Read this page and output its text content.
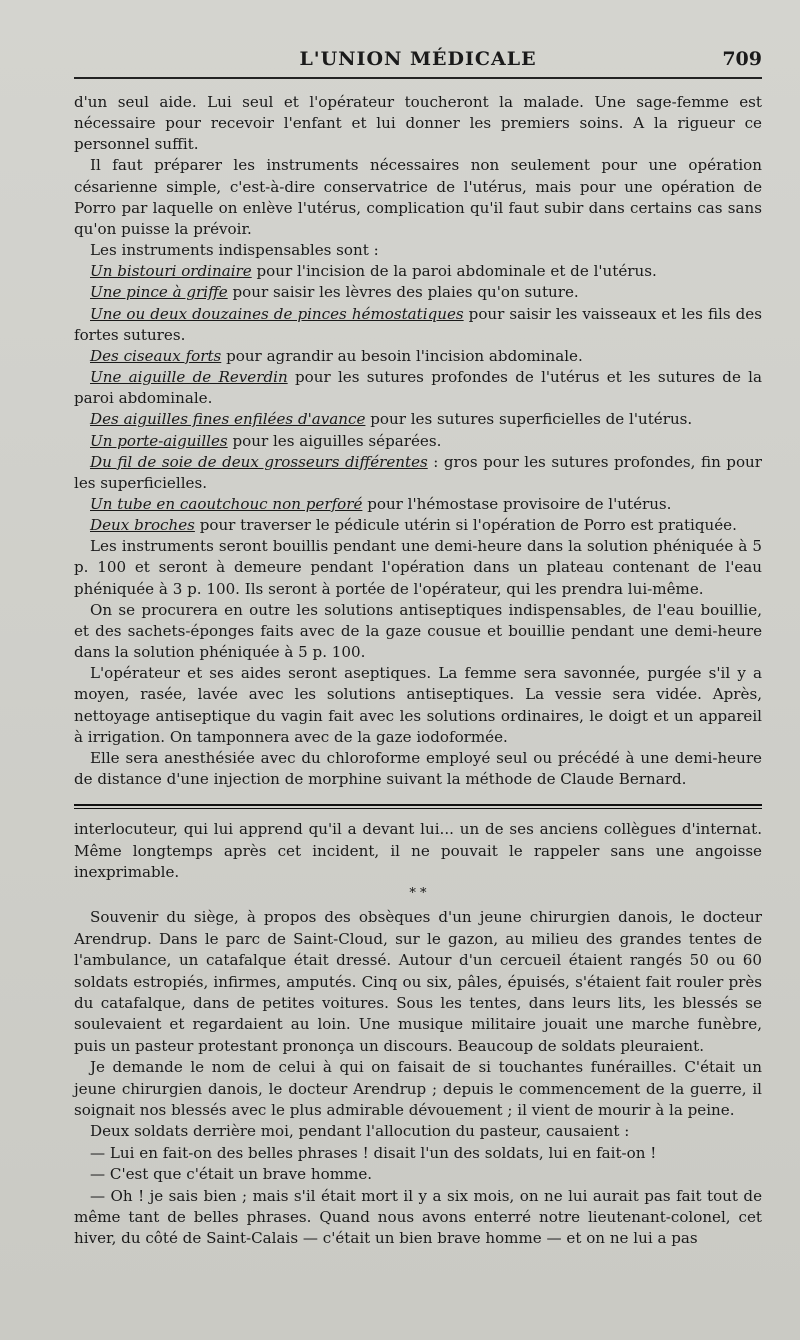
L'UNION MÉDICALE	709

d'un seul aide. Lui seul et l'opérateur toucheront la malade. Une sage-femme est nécessaire pour recevoir l'enfant et lui donner les premiers soins. A la rigueur ce personnel suffit.

Il faut préparer les instruments nécessaires non seulement pour une opération césarienne simple, c'est-à-dire conservatrice de l'utérus, mais pour une opération de Porro par laquelle on enlève l'utérus, complication qu'il faut subir dans certains cas sans qu'on puisse la prévoir.

Les instruments indispensables sont :

Un bistouri ordinaire pour l'incision de la paroi abdominale et de l'utérus.

Une pince à griffe pour saisir les lèvres des plaies qu'on suture.

Une ou deux douzaines de pinces hémostatiques pour saisir les vaisseaux et les fils des fortes sutures.

Des ciseaux forts pour agrandir au besoin l'incision abdominale.

Une aiguille de Reverdin pour les sutures profondes de l'utérus et les sutures de la paroi abdominale.

Des aiguilles fines enfilées d'avance pour les sutures superficielles de l'utérus.

Un porte-aiguilles pour les aiguilles séparées.

Du fil de soie de deux grosseurs différentes : gros pour les sutures profondes, fin pour les superficielles.

Un tube en caoutchouc non perforé pour l'hémostase provisoire de l'utérus.

Deux broches pour traverser le pédicule utérin si l'opération de Porro est pratiquée.

Les instruments seront bouillis pendant une demi-heure dans la solution phéniquée à 5 p. 100 et seront à demeure pendant l'opération dans un plateau contenant de l'eau phéniquée à 3 p. 100. Ils seront à portée de l'opérateur, qui les prendra lui-même.

On se procurera en outre les solutions antiseptiques indispensables, de l'eau bouillie, et des sachets-éponges faits avec de la gaze cousue et bouillie pendant une demi-heure dans la solution phéniquée à 5 p. 100.

L'opérateur et ses aides seront aseptiques. La femme sera savonnée, purgée s'il y a moyen, rasée, lavée avec les solutions antiseptiques. La vessie sera vidée. Après, nettoyage antiseptique du vagin fait avec les solutions ordinaires, le doigt et un appareil à irrigation. On tamponnera avec de la gaze iodoformée.

Elle sera anesthésiée avec du chloroforme employé seul ou précédé à une demi-heure de distance d'une injection de morphine suivant la méthode de Claude Bernard.

interlocuteur, qui lui apprend qu'il a devant lui... un de ses anciens collègues d'internat. Même longtemps après cet incident, il ne pouvait le rappeler sans une angoisse inexprimable.

* *

Souvenir du siège, à propos des obsèques d'un jeune chirurgien danois, le docteur Arendrup. Dans le parc de Saint-Cloud, sur le gazon, au milieu des grandes tentes de l'ambulance, un catafalque était dressé. Autour d'un cercueil étaient rangés 50 ou 60 soldats estropiés, infirmes, amputés. Cinq ou six, pâles, épuisés, s'étaient fait rouler près du catafalque, dans de petites voitures. Sous les tentes, dans leurs lits, les blessés se soulevaient et regardaient au loin. Une musique militaire jouait une marche funèbre, puis un pasteur protestant prononça un discours. Beaucoup de soldats pleuraient.

Je demande le nom de celui à qui on faisait de si touchantes funérailles. C'était un jeune chirurgien danois, le docteur Arendrup ; depuis le commencement de la guerre, il soignait nos blessés avec le plus admirable dévouement ; il vient de mourir à la peine.

Deux soldats derrière moi, pendant l'allocution du pasteur, causaient :

— Lui en fait-on des belles phrases ! disait l'un des soldats, lui en fait-on !

— C'est que c'était un brave homme.

— Oh ! je sais bien ; mais s'il était mort il y a six mois, on ne lui aurait pas fait tout de même tant de belles phrases. Quand nous avons enterré notre lieutenant-colonel, cet hiver, du côté de Saint-Calais — c'était un bien brave homme — et on ne lui a pas
